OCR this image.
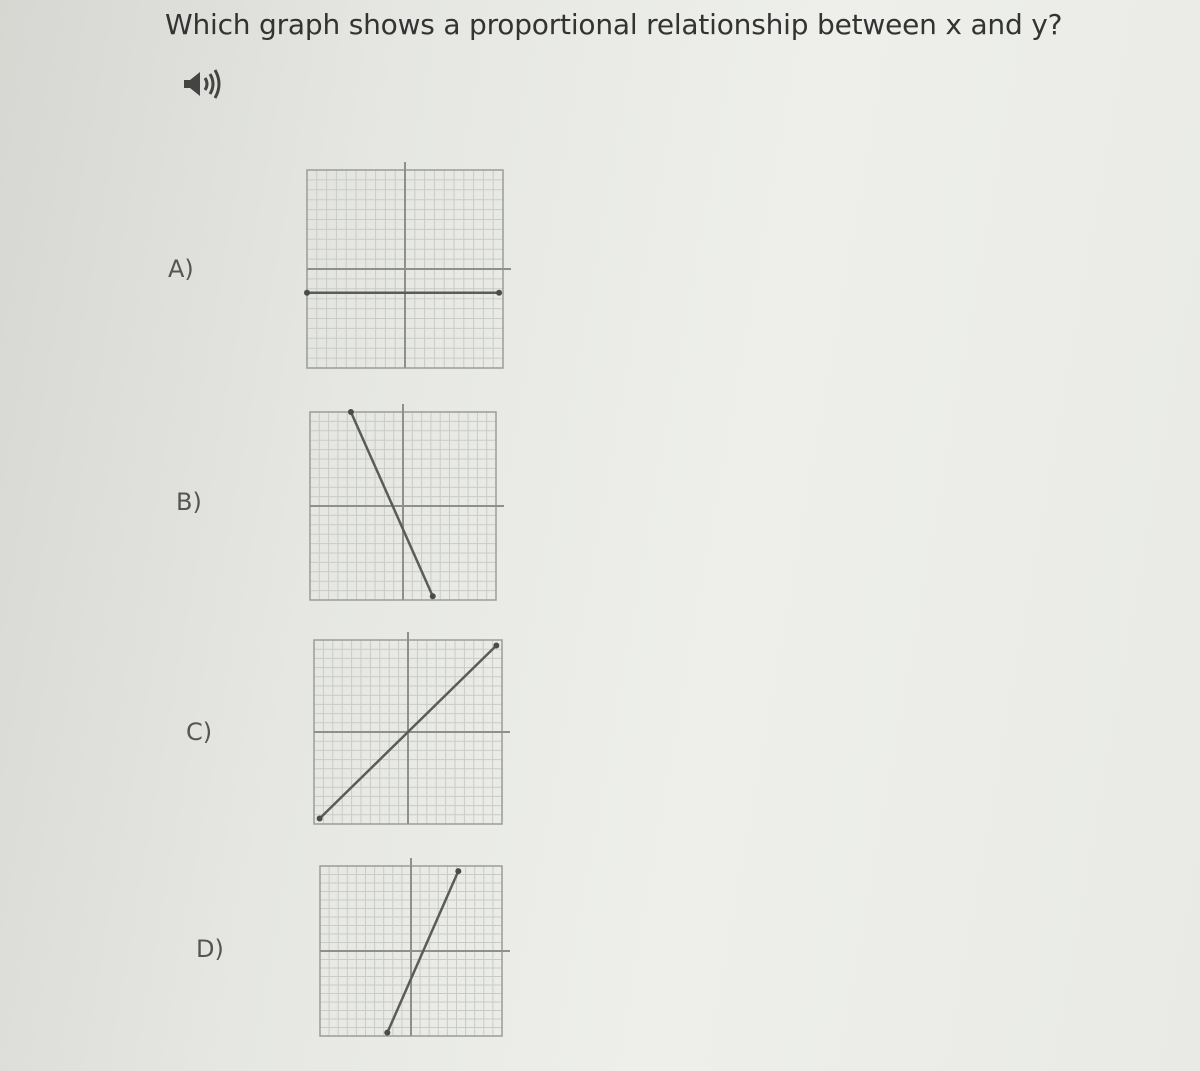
Which graph shows a proportional relationship between x and y?
A)
B)
C)
D)
